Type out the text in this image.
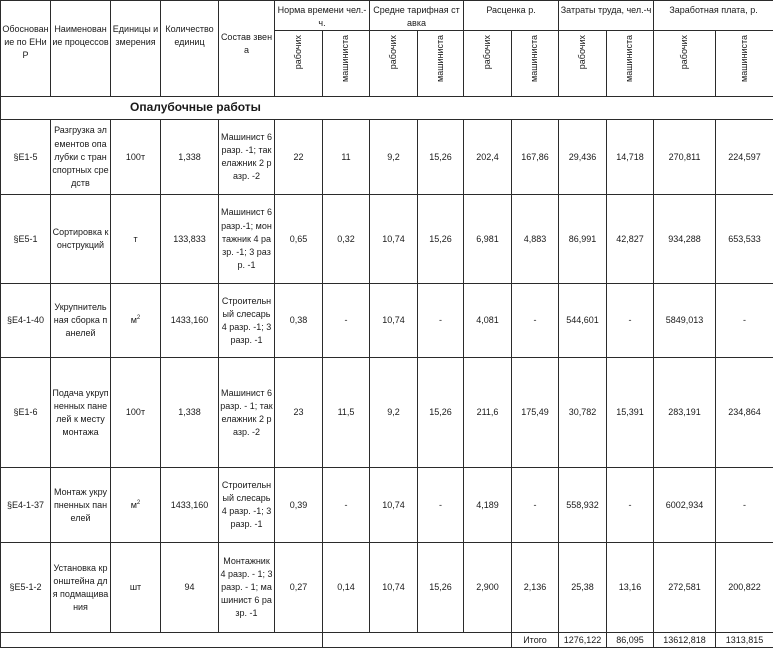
Обоснование по ЕНиР	Наименование процессов	Единицы измерения	Количество единиц	Состав звена	Норма времени чел.-ч.		Средне тарифная ставка		Расценка р.		Затраты труда, чел.-ч		Заработная плата, р.	
					рабочих	машиниста	рабочих	машиниста	рабочих	машиниста	рабочих	машиниста	рабочих	машиниста
Опалубочные работы														
§Е1-5	Разгрузка элементов опалубки с транспортных средств	100т	1,338	Машинист 6 разр. -1; такелажник 2 разр. -2	22	11	9,2	15,26	202,4	167,86	29,436	14,718	270,811	224,597
§Е5-1	Сортировка конструкций	т	133,833	Машинист 6 разр.-1; монтажник 4 разр. -1; 3 разр. -1	0,65	0,32	10,74	15,26	6,981	4,883	86,991	42,827	934,288	653,533
§Е4-1-40	Укрупнительная сборка панелей	$м^2$	1433,160	Строительный слесарь 4 разр. -1; 3 разр. -1	0,38	-	10,74	-	4,081	-	544,601	-	5849,013	-
§Е1-6	Подача укрупненных панелей к месту монтажа	100т	1,338	Машинист 6 разр. - 1; такелажник 2 разр. -2	23	11,5	9,2	15,26	211,6	175,49	30,782	15,391	283,191	234,864
§Е4-1-37	Монтаж укрупненных панелей	$м^2$	1433,160	Строительный слесарь 4 разр. -1; 3 разр. -1	0,39	-	10,74	-	4,189	-	558,932	-	6002,934	-
§Е5-1-2	Установка кронштейна для подмащивания	шт	94	Монтажник 4 разр. - 1; 3 разр. - 1; машинист 6 разр. -1	0,27	0,14	10,74	15,26	2,900	2,136	25,38	13,16	272,581	200,822
										Итого	1276,122	86,095	13612,818	1313,815
